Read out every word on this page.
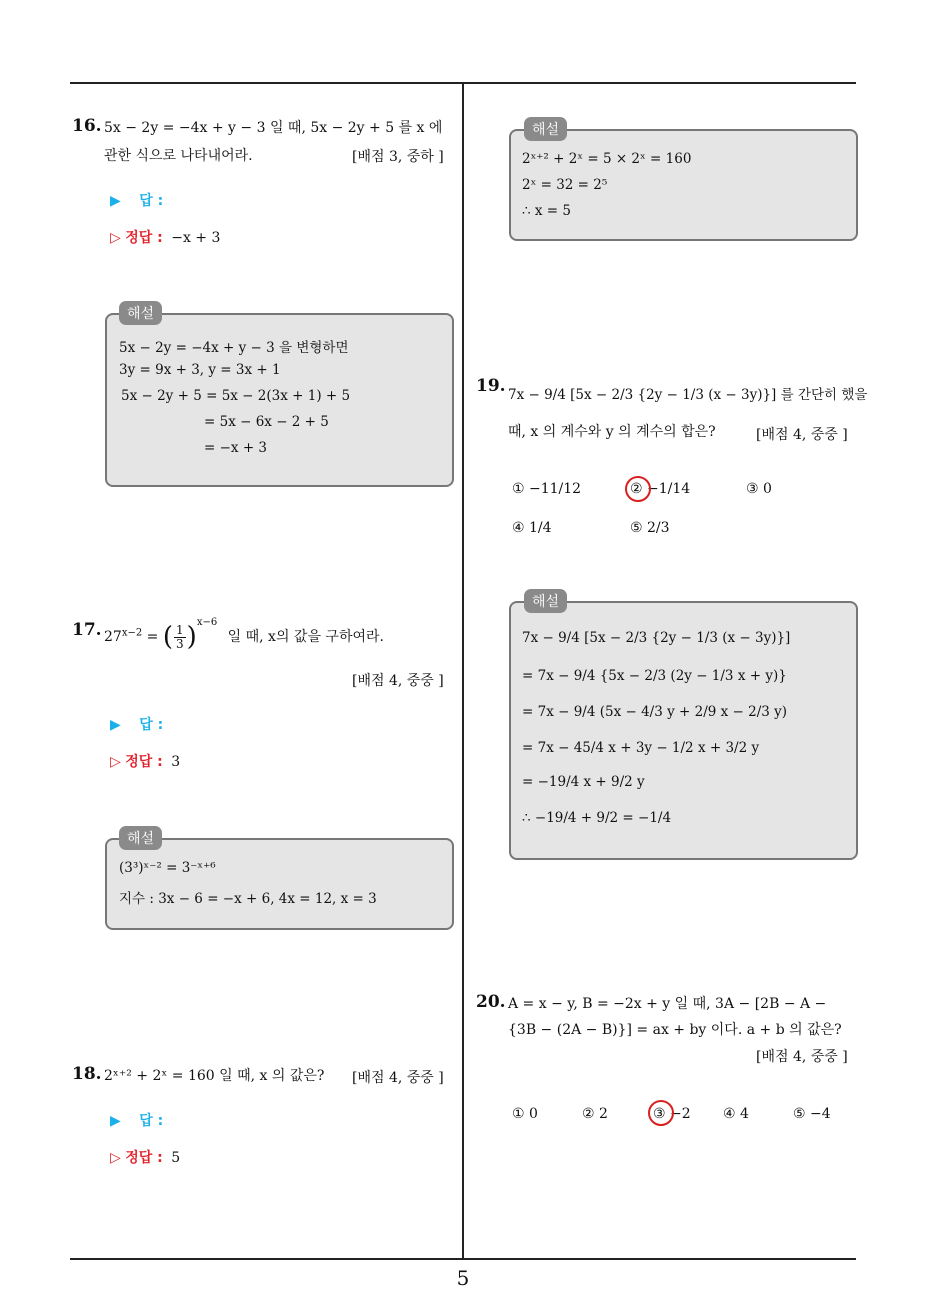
16. 5x − 2y = −4x + y − 3 일 때, 5x − 2y + 5 를 x 에
관한 식으로 나타내어라.	[배점 3, 중하 ]
▶ 답 :
▷ 정답 : −x + 3
해설
5x − 2y = −4x + y − 3 을 변형하면
3y = 9x + 3, y = 3x + 1
5x − 2y + 5 = 5x − 2(3x + 1) + 5
= 5x − 6x − 2 + 5
= −x + 3
17. $27^{x-2}$ = ( $\frac{1}{3} )^{x-6}$ 일 때, x의 값을 구하여라.
[배점 4, 중중 ]
▶ 답 :
▷ 정답 : 3
해설
(3³)ˣ⁻² = 3⁻ˣ⁺⁶
지수 : 3x − 6 = −x + 6, 4x = 12, x = 3
18. 2ˣ⁺² + 2ˣ = 160 일 때, x 의 값은? [배점 4, 중중 ]
▶ 답 :
▷ 정답 : 5
해설
2ˣ⁺² + 2ˣ = 5 × 2ˣ = 160
2ˣ = 32 = 2⁵
∴ x = 5
19. 7x − 9/4 [5x − 2/3 {2y − 1/3 (x − 3y)}] 를 간단히 했을
때, x 의 계수와 y 의 계수의 합은?	[배점 4, 중중 ]
① −11/12	② −1/14	③ 0
④ 1/4	⑤ 2/3
해설
7x − 9/4 [5x − 2/3 {2y − 1/3 (x − 3y)}]
= 7x − 9/4 {5x − 2/3 (2y − 1/3 x + y)}
= 7x − 9/4 (5x − 4/3 y + 2/9 x − 2/3 y)
= 7x − 45/4 x + 3y − 1/2 x + 3/2 y
= −19/4 x + 9/2 y
∴ −19/4 + 9/2 = −1/4
20. A = x − y, B = −2x + y 일 때, 3A − [2B − A −
{3B − (2A − B)}] = ax + by 이다. a + b 의 값은?
[배점 4, 중중 ]
① 0	② 2	③ −2 ④ 4	⑤ −4
5
